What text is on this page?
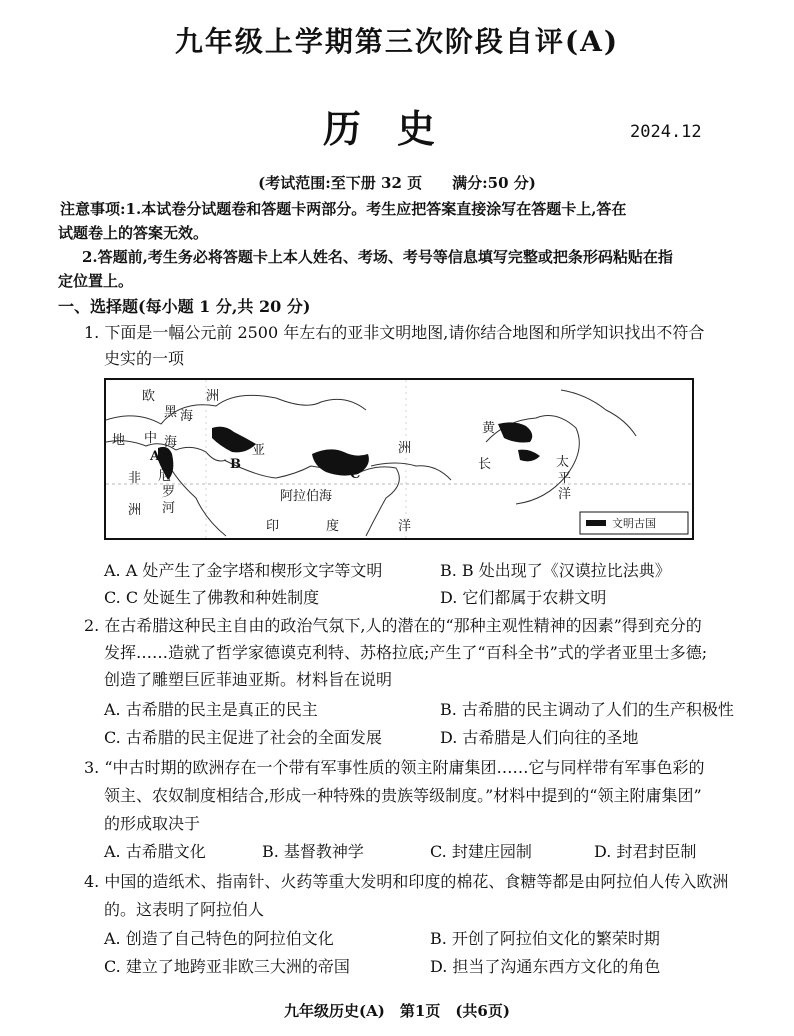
九年级上学期第三次阶段自评(A)
历史	2024.12
(考试范围:至下册 32 页　　满分:50 分)
注意事项:1.本试卷分试题卷和答题卡两部分。考生应把答案直接涂写在答题卡上,答在
试题卷上的答案无效。
2.答题前,考生务必将答题卡上本人姓名、考场、考号等信息填写完整或把条形码粘贴在指
定位置上。
一、选择题(每小题 1 分,共 20 分)
1. 下面是一幅公元前 2500 年左右的亚非文明地图,请你结合地图和所学知识找出不符合
史实的一项
文明古国
欧	洲
黑 海
地 中 海
亚	洲
非
洲
尼
罗
河
阿拉伯海
印	度	洋
黄
长	太
平
洋
A
B
C
D
A. A 处产生了金字塔和楔形文字等文明	B. B 处出现了《汉谟拉比法典》
C. C 处诞生了佛教和种姓制度	D. 它们都属于农耕文明
2. 在古希腊这种民主自由的政治气氛下,人的潜在的“那种主观性精神的因素”得到充分的
发挥……造就了哲学家德谟克利特、苏格拉底;产生了“百科全书”式的学者亚里士多德;
创造了雕塑巨匠菲迪亚斯。材料旨在说明
A. 古希腊的民主是真正的民主	B. 古希腊的民主调动了人们的生产积极性
C. 古希腊的民主促进了社会的全面发展	D. 古希腊是人们向往的圣地
3. “中古时期的欧洲存在一个带有军事性质的领主附庸集团……它与同样带有军事色彩的
领主、农奴制度相结合,形成一种特殊的贵族等级制度。”材料中提到的“领主附庸集团”
的形成取决于
A. 古希腊文化	B. 基督教神学	C. 封建庄园制	D. 封君封臣制
4. 中国的造纸术、指南针、火药等重大发明和印度的棉花、食糖等都是由阿拉伯人传入欧洲
的。这表明了阿拉伯人
A. 创造了自己特色的阿拉伯文化	B. 开创了阿拉伯文化的繁荣时期
C. 建立了地跨亚非欧三大洲的帝国	D. 担当了沟通东西方文化的角色
九年级历史(A)　第1页　(共6页)
